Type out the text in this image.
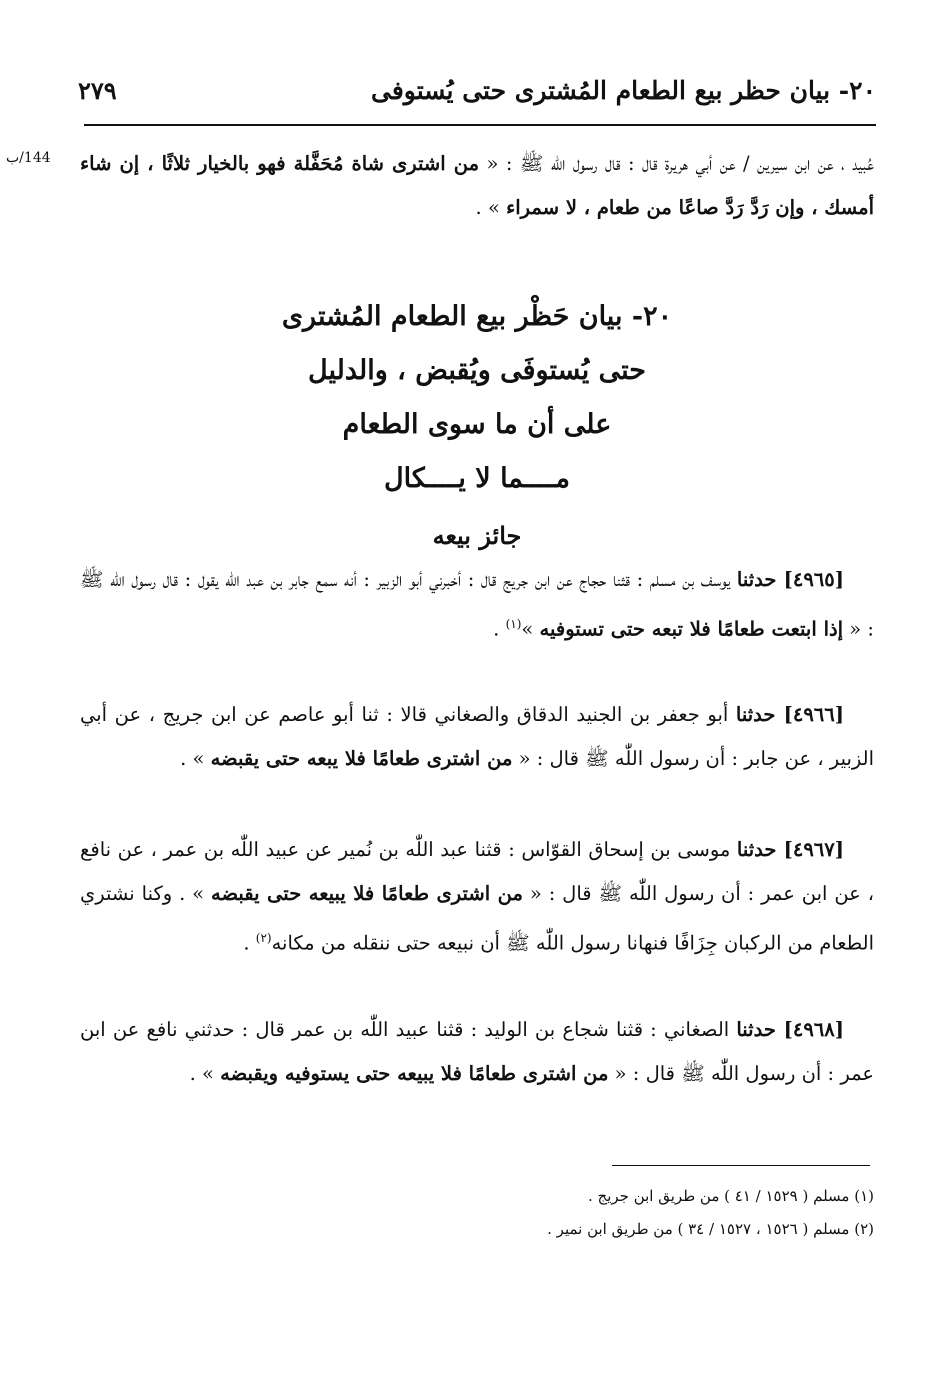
٢٠- بيان حظر بيع الطعام المُشترى حتى يُستوفى
٢٧٩
144/ب	عُبيد ، عن ابن سيرين / عن أبي هريرة قال : قال رسول اللّٰه ﷺ : « من اشترى شاة مُحَفَّلة فهو بالخيار ثلاثًا ، إن شاء أمسك ، وإن رَدَّ رَدَّ صاعًا من طعام ، لا سمراء » .

٢٠- بيان حَظْر بيع الطعام المُشترى
حتى يُستوفَى ويُقبض ، والدليل
على أن ما سوى الطعام
مــــما لا يــــكال
جائز بيعه

[٤٩٦٥] حدثنا يوسف بن مسلم : قثنا حجاج عن ابن جريج قال : أخبرني أبو الزبير : أنه سمع جابر بن عبد اللّٰه يقول : قال رسول اللّٰه ﷺ : « إذا ابتعت طعامًا فلا تبعه حتى تستوفيه »$^{(١)}$ .

[٤٩٦٦] حدثنا أبو جعفر بن الجنيد الدقاق والصغاني قالا : ثنا أبو عاصم عن ابن جريج ، عن أبي الزبير ، عن جابر : أن رسول اللّٰه ﷺ قال : « من اشترى طعامًا فلا يبعه حتى يقبضه » .

[٤٩٦٧] حدثنا موسى بن إسحاق القوّاس : قثنا عبد اللّٰه بن نُمير عن عبيد اللّٰه بن عمر ، عن نافع ، عن ابن عمر : أن رسول اللّٰه ﷺ قال : « من اشترى طعامًا فلا يبيعه حتى يقبضه » . وكنا نشتري الطعام من الركبان جِزَافًا فنهانا رسول اللّٰه ﷺ أن نبيعه حتى ننقله من مكانه$^{(٢)}$ .

[٤٩٦٨] حدثنا الصغاني : قثنا شجاع بن الوليد : قثنا عبيد اللّٰه بن عمر قال : حدثني نافع عن ابن عمر : أن رسول اللّٰه ﷺ قال : « من اشترى طعامًا فلا يبيعه حتى يستوفيه ويقبضه » .

(١) مسلم ( ١٥٢٩ / ٤١ ) من طريق ابن جريج .
(٢) مسلم ( ١٥٢٦ ، ١٥٢٧ / ٣٤ ) من طريق ابن نمير .
